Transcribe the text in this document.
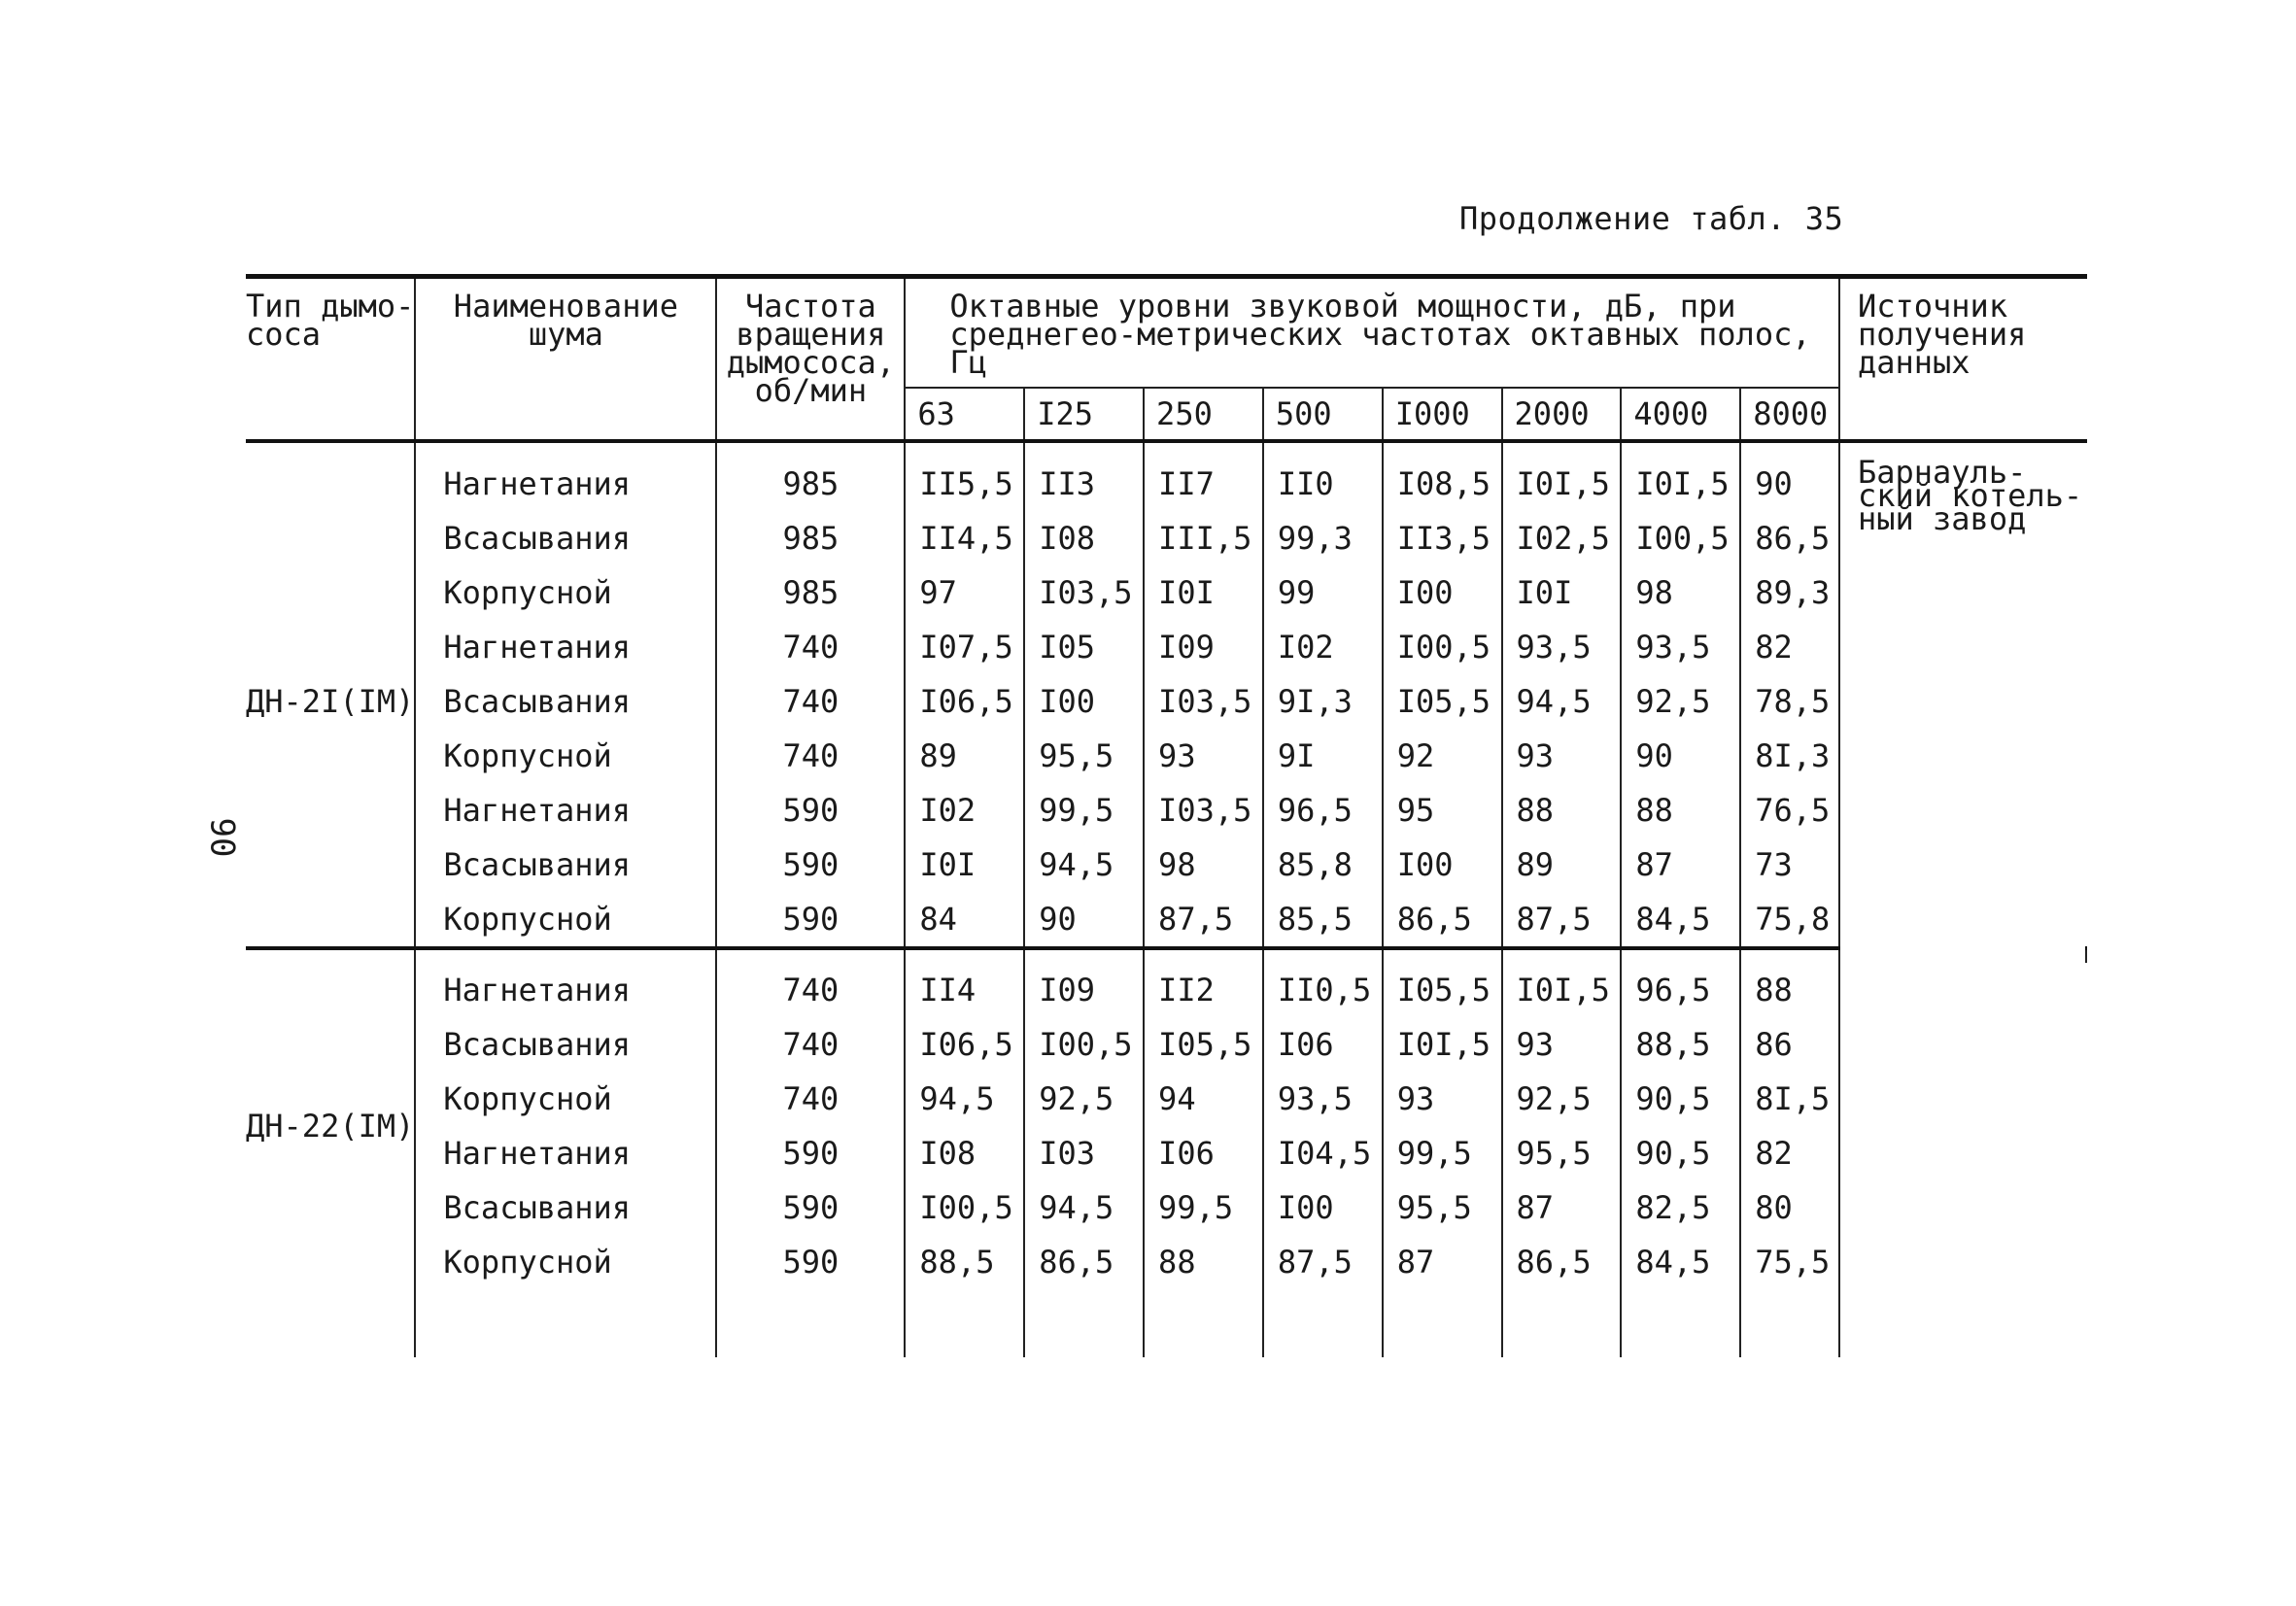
Продолжение табл. 35
90
Тип дымо-сосa	Наименование шума	Частота вращения дымососа, об/мин	Октавные уровни звуковой мощности, дБ, при среднегео-метрических частотах октавных полос, Гц								Источник получения данных	
			63	I25	250	500	I000	2000	4000	8000		

ДН-2I(IМ)	Нагнетания	985	II5,5	II3	II7	II0	I08,5	I0I,5	I0I,5	90	Барнауль-ский котель-ный завод	
	Всасывания	985	II4,5	I08	III,5	99,3	II3,5	I02,5	I00,5	86,5		
	Корпусной	985	97	I03,5	I0I	99	I00	I0I	98	89,3		
	Нагнетания	740	I07,5	I05	I09	I02	I00,5	93,5	93,5	82		
	Всасывания	740	I06,5	I00	I03,5	9I,3	I05,5	94,5	92,5	78,5		
	Корпусной	740	89	95,5	93	9I	92	93	90	8I,3		
	Нагнетания	590	I02	99,5	I03,5	96,5	95	88	88	76,5		
	Всасывания	590	I0I	94,5	98	85,8	I00	89	87	73		
	Корпусной	590	84	90	87,5	85,5	86,5	87,5	84,5	75,8		

ДН-22(IМ)	Нагнетания	740	II4	I09	II2	II0,5	I05,5	I0I,5	96,5	88		
	Всасывания	740	I06,5	I00,5	I05,5	I06	I0I,5	93	88,5	86		
	Корпусной	740	94,5	92,5	94	93,5	93	92,5	90,5	8I,5		
	Нагнетания	590	I08	I03	I06	I04,5	99,5	95,5	90,5	82		
	Всасывания	590	I00,5	94,5	99,5	I00	95,5	87	82,5	80		
	Корпусной	590	88,5	86,5	88	87,5	87	86,5	84,5	75,5		
